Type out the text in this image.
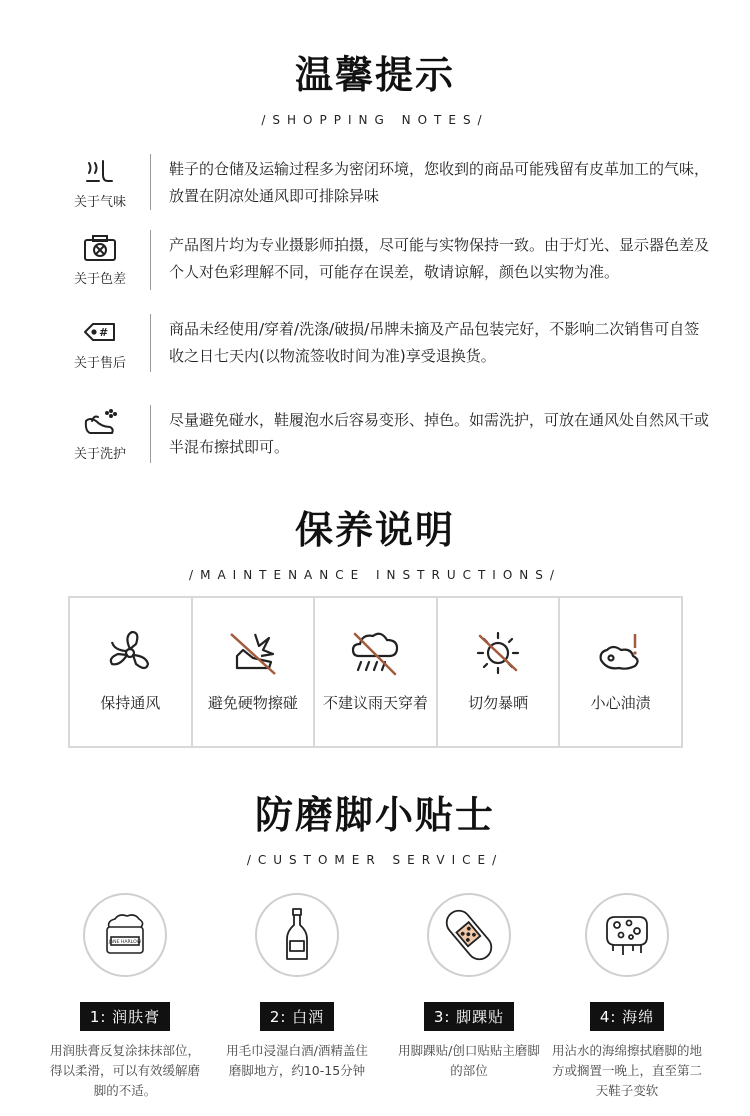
温馨提示
/SHOPPING NOTES/
关于气味
鞋子的仓储及运输过程多为密闭环境，您收到的商品可能残留有皮革加工的气味，放置在阴凉处通风即可排除异味
关于色差
产品图片均为专业摄影师拍摄，尽可能与实物保持一致。由于灯光、显示器色差及个人对色彩理解不同，可能存在误差，敬请谅解，颜色以实物为准。
#
关于售后
商品未经使用/穿着/洗涤/破损/吊牌未摘及产品包装完好，不影响二次销售可自签收之日七天内(以物流签收时间为准)享受退换货。
关于洗护
尽量避免碰水，鞋履泡水后容易变形、掉色。如需洗护，可放在通风处自然风干或半混布擦拭即可。
保养说明
/MAINTENANCE INSTRUCTIONS/
保持通风	避免硬物擦碰 不建议雨天穿着	切勿暴晒	小心油渍
防磨脚小贴士
/CUSTOMER SERVICE/
JANE HARLOW
1: 润肤膏
用润肤膏反复涂抹抹部位，得以柔滑，可以有效缓解磨脚的不适。
2: 白酒
用毛巾浸湿白酒/酒精盖住磨脚地方，约10-15分钟
3: 脚踝贴
用脚踝贴/创口贴贴主磨脚的部位
4: 海绵
用沾水的海绵擦拭磨脚的地方或搁置一晚上，直至第二天鞋子变软
